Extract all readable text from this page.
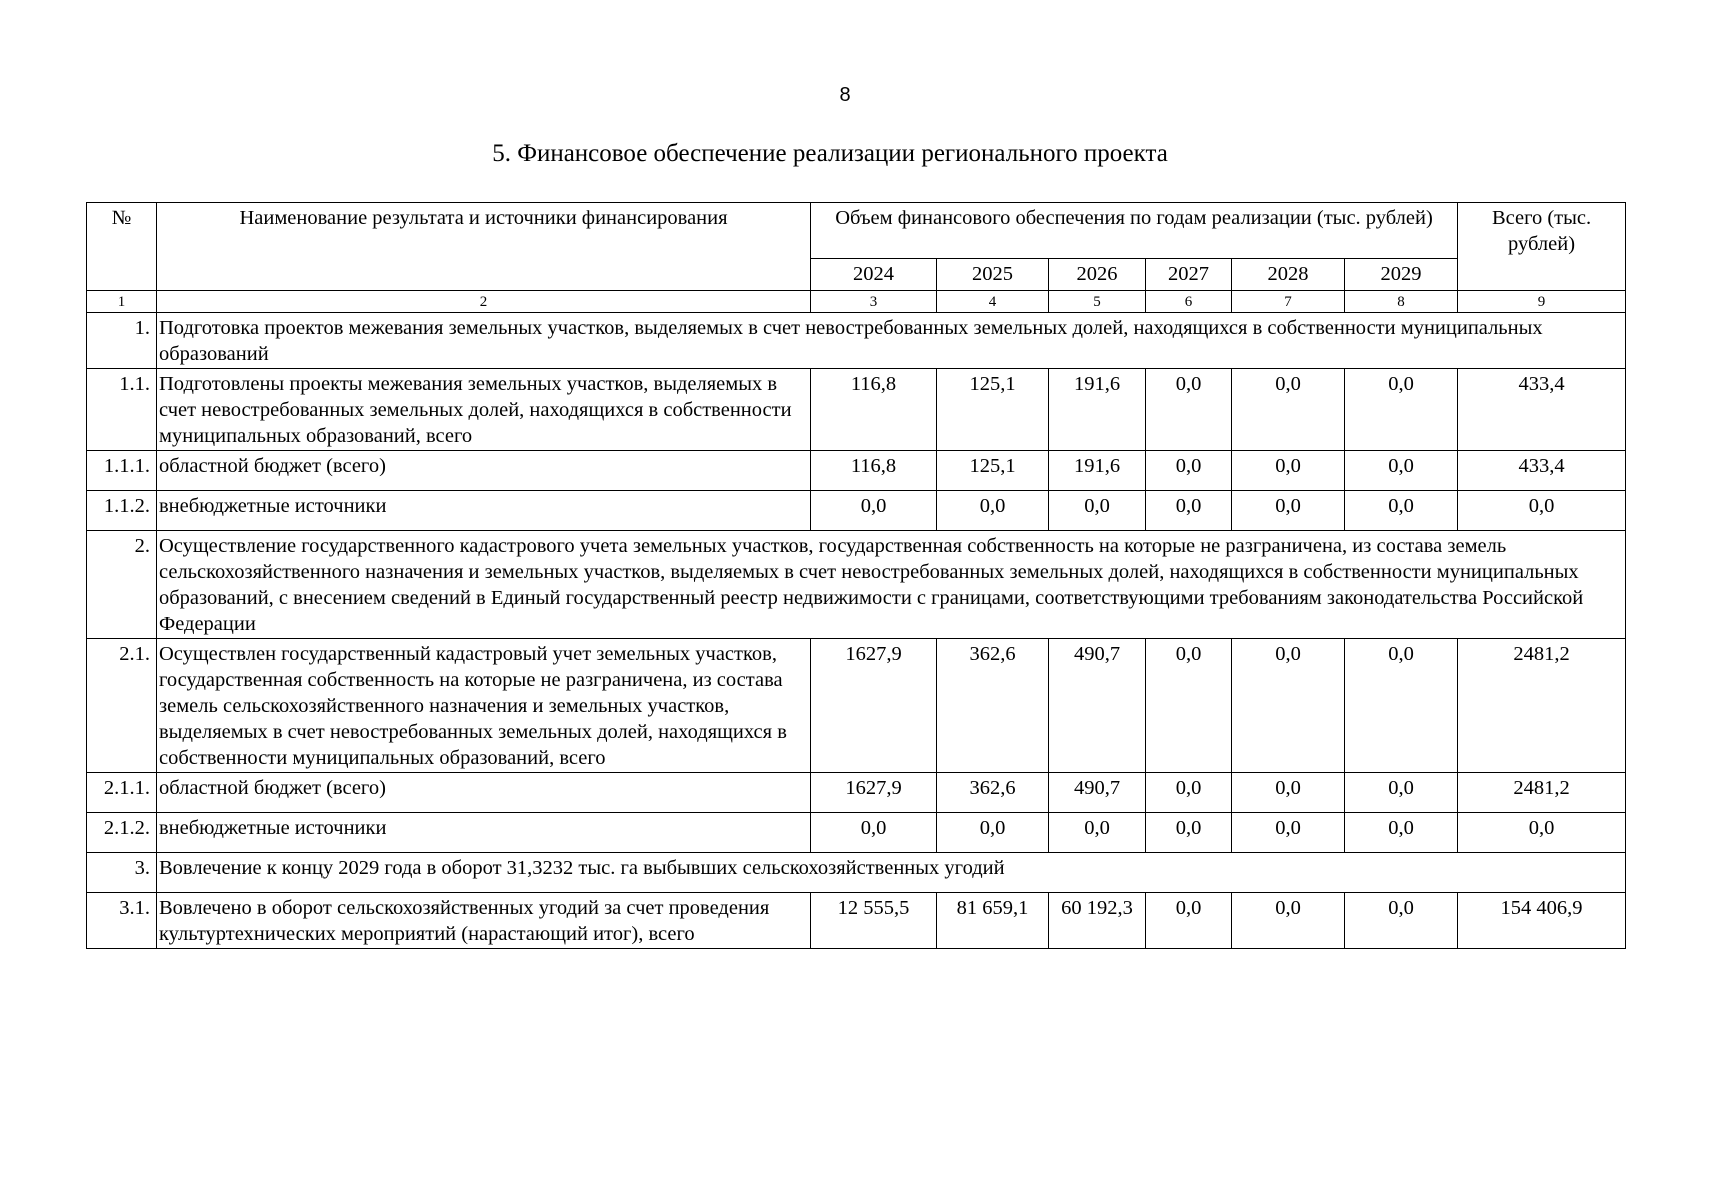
8
5. Финансовое обеспечение реализации регионального проекта
№	Наименование результата и источники финансирования	Объем финансового обеспечения по годам реализации (тыс. рублей)						Всего (тыс. рублей)
		2024	2025	2026	2027	2028	2029	
1	2	3	4	5	6	7	8	9
1.	Подготовка проектов межевания земельных участков, выделяемых в счет невостребованных земельных долей, находящихся в собственности муниципальных образований							
1.1.	Подготовлены проекты межевания земельных участков, выделяемых в счет невостребованных земельных долей, находящихся в собственности муниципальных образований, всего	116,8	125,1	191,6	0,0	0,0	0,0	433,4
1.1.1.	областной бюджет (всего)	116,8	125,1	191,6	0,0	0,0	0,0	433,4
1.1.2.	внебюджетные источники	0,0	0,0	0,0	0,0	0,0	0,0	0,0
2.	Осуществление государственного кадастрового учета земельных участков, государственная собственность на которые не разграничена, из состава земель сельскохозяйственного назначения и земельных участков, выделяемых в счет невостребованных земельных долей, находящихся в собственности муниципальных образований, с внесением сведений в Единый государственный реестр недвижимости с границами, соответствующими требованиям законодательства Российской Федерации							
2.1.	Осуществлен государственный кадастровый учет земельных участков, государственная собственность на которые не разграничена, из состава земель сельскохозяйственного назначения и земельных участков, выделяемых в счет невостребованных земельных долей, находящихся в собственности муниципальных образований, всего	1627,9	362,6	490,7	0,0	0,0	0,0	2481,2
2.1.1.	областной бюджет (всего)	1627,9	362,6	490,7	0,0	0,0	0,0	2481,2
2.1.2.	внебюджетные источники	0,0	0,0	0,0	0,0	0,0	0,0	0,0
3.	Вовлечение к концу 2029 года в оборот 31,3232 тыс. га выбывших сельскохозяйственных угодий							
3.1.	Вовлечено в оборот сельскохозяйственных угодий за счет проведения культуртехнических мероприятий (нарастающий итог), всего	12 555,5	81 659,1	60 192,3	0,0	0,0	0,0	154 406,9
